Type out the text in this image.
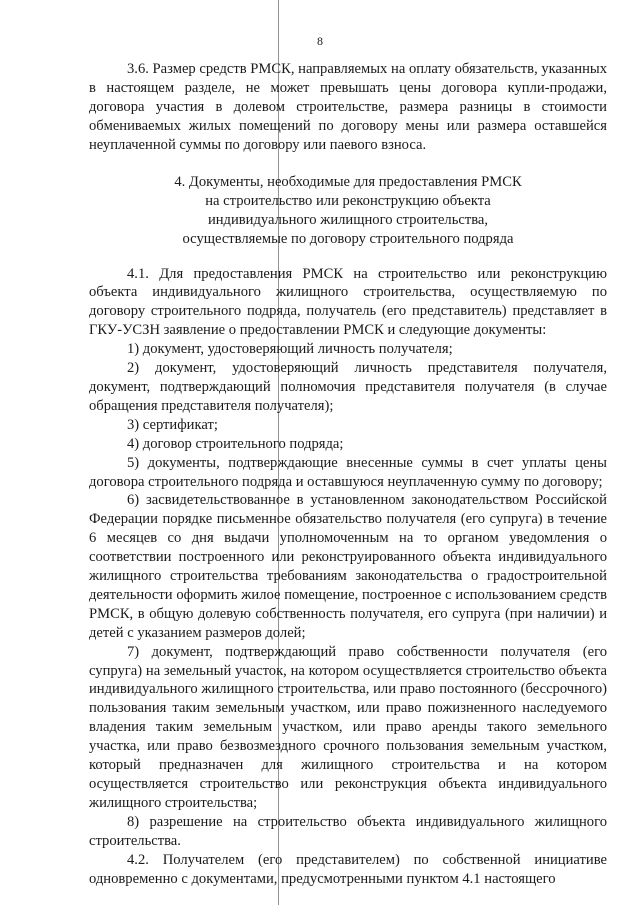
8

3.6. Размер средств РМСК, направляемых на оплату обязательств, указанных в настоящем разделе, не может превышать цены договора купли-продажи, договора участия в долевом строительстве, размера разницы в стоимости обмениваемых жилых помещений по договору мены или размера оставшейся неуплаченной суммы по договору или паевого взноса.

4. Документы, необходимые для предоставления РМСК
на строительство или реконструкцию объекта
индивидуального жилищного строительства,
осуществляемые по договору строительного подряда

4.1. Для предоставления РМСК на строительство или реконструкцию объекта индивидуального жилищного строительства, осуществляемую по договору строительного подряда, получатель (его представитель) представляет в ГКУ-УСЗН заявление о предоставлении РМСК и следующие документы:

1) документ, удостоверяющий личность получателя;

2) документ, удостоверяющий личность представителя получателя, документ, подтверждающий полномочия представителя получателя (в случае обращения представителя получателя);

3) сертификат;

4) договор строительного подряда;

5) документы, подтверждающие внесенные суммы в счет уплаты цены договора строительного подряда и оставшуюся неуплаченную сумму по договору;

6) засвидетельствованное в установленном законодательством Российской Федерации порядке письменное обязательство получателя (его супруга) в течение 6 месяцев со дня выдачи уполномоченным на то органом уведомления о соответствии построенного или реконструированного объекта индивидуального жилищного строительства требованиям законодательства о градостроительной деятельности оформить жилое помещение, построенное с использованием средств РМСК, в общую долевую собственность получателя, его супруга (при наличии) и детей с указанием размеров долей;

7) документ, подтверждающий право собственности получателя (его супруга) на земельный участок, на котором осуществляется строительство объекта индивидуального жилищного строительства, или право постоянного (бессрочного) пользования таким земельным участком, или право пожизненного наследуемого владения таким земельным участком, или право аренды такого земельного участка, или право безвозмездного срочного пользования земельным участком, который предназначен для жилищного строительства и на котором осуществляется строительство или реконструкция объекта индивидуального жилищного строительства;

8) разрешение на строительство объекта индивидуального жилищного строительства.

4.2. Получателем (его представителем) по собственной инициативе одновременно с документами, предусмотренными пунктом 4.1 настоящего
